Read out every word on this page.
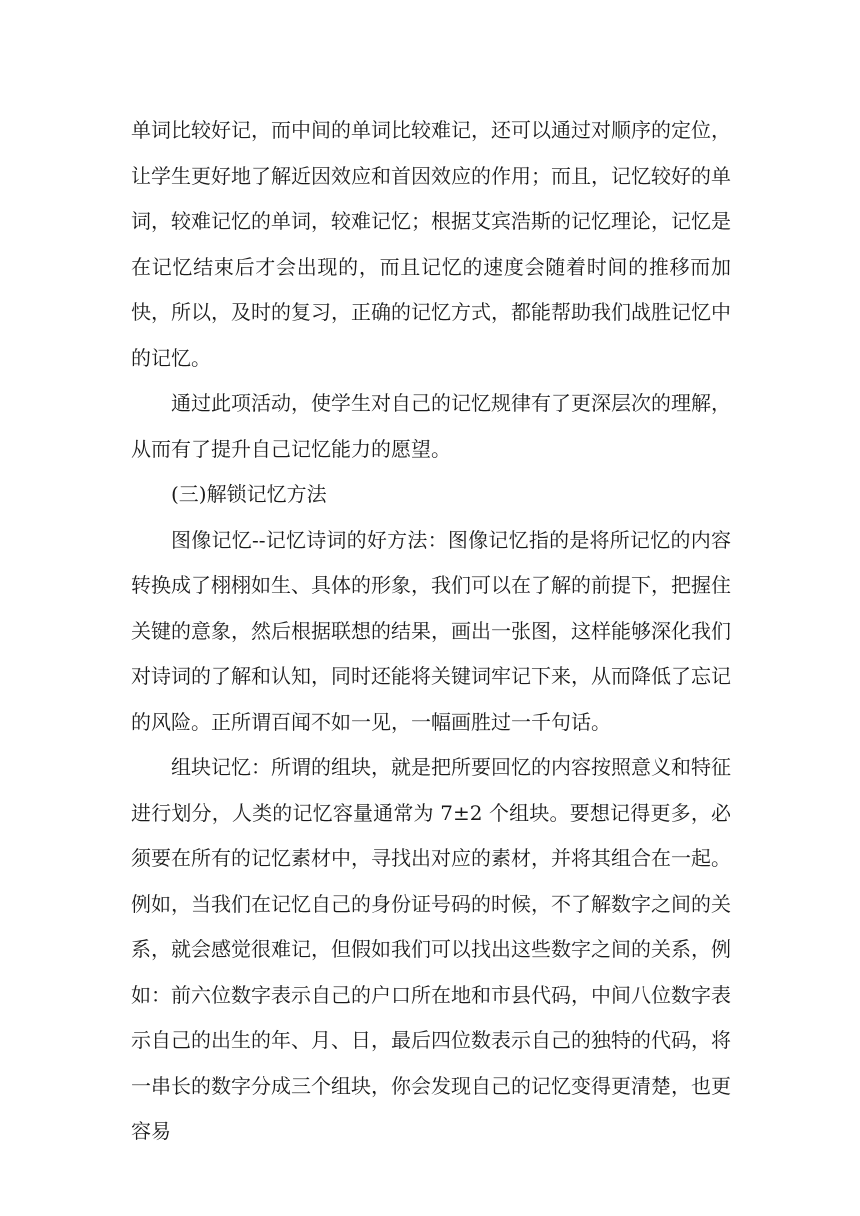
单词比较好记，而中间的单词比较难记，还可以通过对顺序的定位，让学生更好地了解近因效应和首因效应的作用；而且，记忆较好的单词，较难记忆的单词，较难记忆；根据艾宾浩斯的记忆理论，记忆是在记忆结束后才会出现的，而且记忆的速度会随着时间的推移而加快，所以，及时的复习，正确的记忆方式，都能帮助我们战胜记忆中的记忆。

通过此项活动，使学生对自己的记忆规律有了更深层次的理解，从而有了提升自己记忆能力的愿望。

(三)解锁记忆方法

图像记忆--记忆诗词的好方法：图像记忆指的是将所记忆的内容转换成了栩栩如生、具体的形象，我们可以在了解的前提下，把握住关键的意象，然后根据联想的结果，画出一张图，这样能够深化我们对诗词的了解和认知，同时还能将关键词牢记下来，从而降低了忘记的风险。正所谓百闻不如一见，一幅画胜过一千句话。

组块记忆：所谓的组块，就是把所要回忆的内容按照意义和特征进行划分，人类的记忆容量通常为 7±2 个组块。要想记得更多，必须要在所有的记忆素材中，寻找出对应的素材，并将其组合在一起。例如，当我们在记忆自己的身份证号码的时候，不了解数字之间的关系，就会感觉很难记，但假如我们可以找出这些数字之间的关系，例如：前六位数字表示自己的户口所在地和市县代码，中间八位数字表示自己的出生的年、月、日，最后四位数表示自己的独特的代码，将一串长的数字分成三个组块，你会发现自己的记忆变得更清楚，也更容易
